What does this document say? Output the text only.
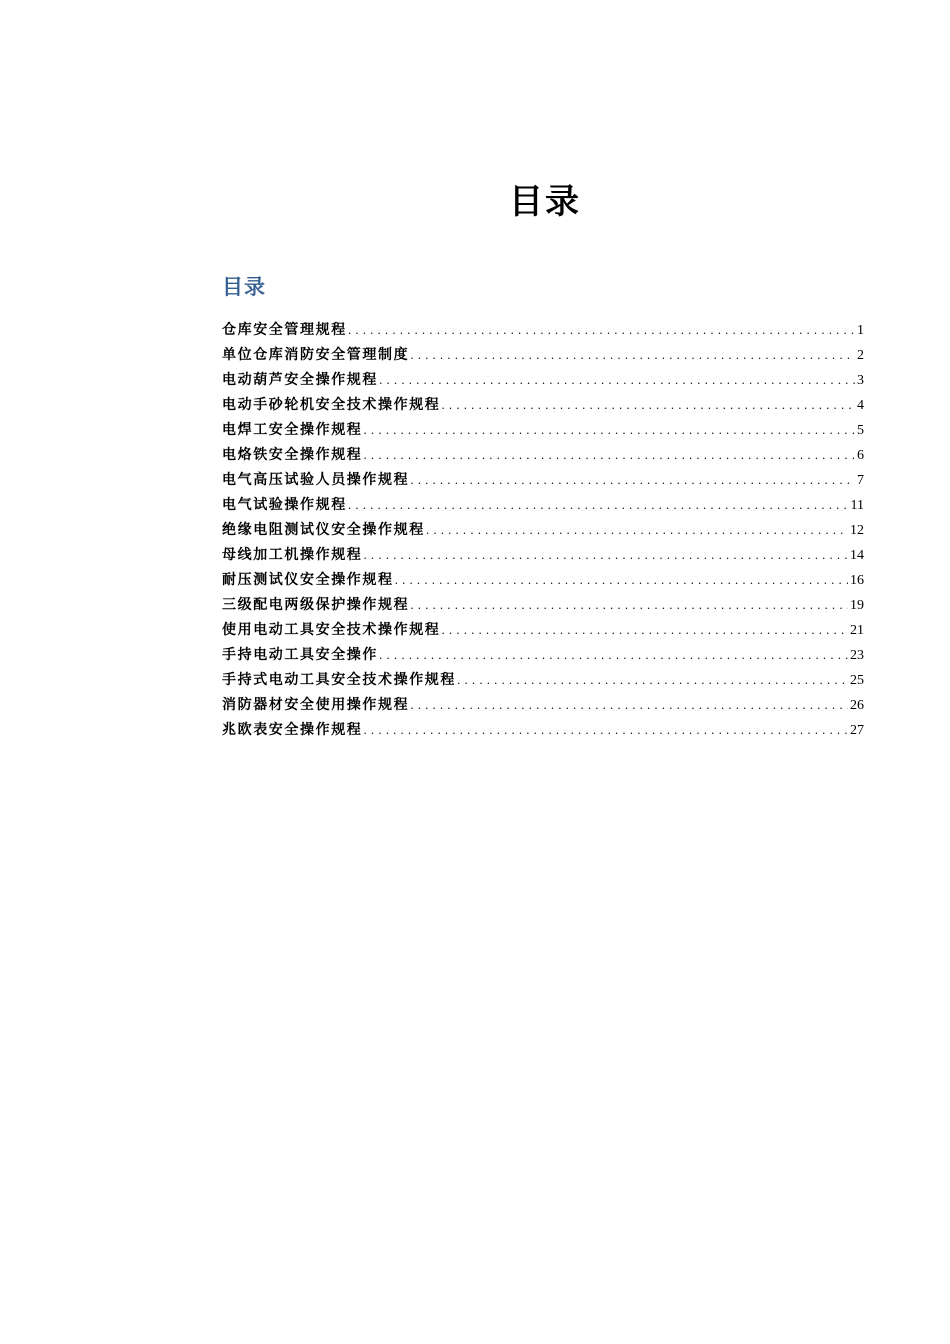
目录
目录
仓库安全管理规程 .....	1
单位仓库消防安全管理制度 .....	2
电动葫芦安全操作规程 .....	3
电动手砂轮机安全技术操作规程 .....	4
电焊工安全操作规程 .....	5
电烙铁安全操作规程 .....	6
电气高压试验人员操作规程 .....	7
电气试验操作规程 .....	11
绝缘电阻测试仪安全操作规程 .....	12
母线加工机操作规程 .....	14
耐压测试仪安全操作规程 .....	16
三级配电两级保护操作规程 .....	19
使用电动工具安全技术操作规程 .....	21
手持电动工具安全操作 .....	23
手持式电动工具安全技术操作规程 .....	25
消防器材安全使用操作规程 .....	26
兆欧表安全操作规程 .....	27
